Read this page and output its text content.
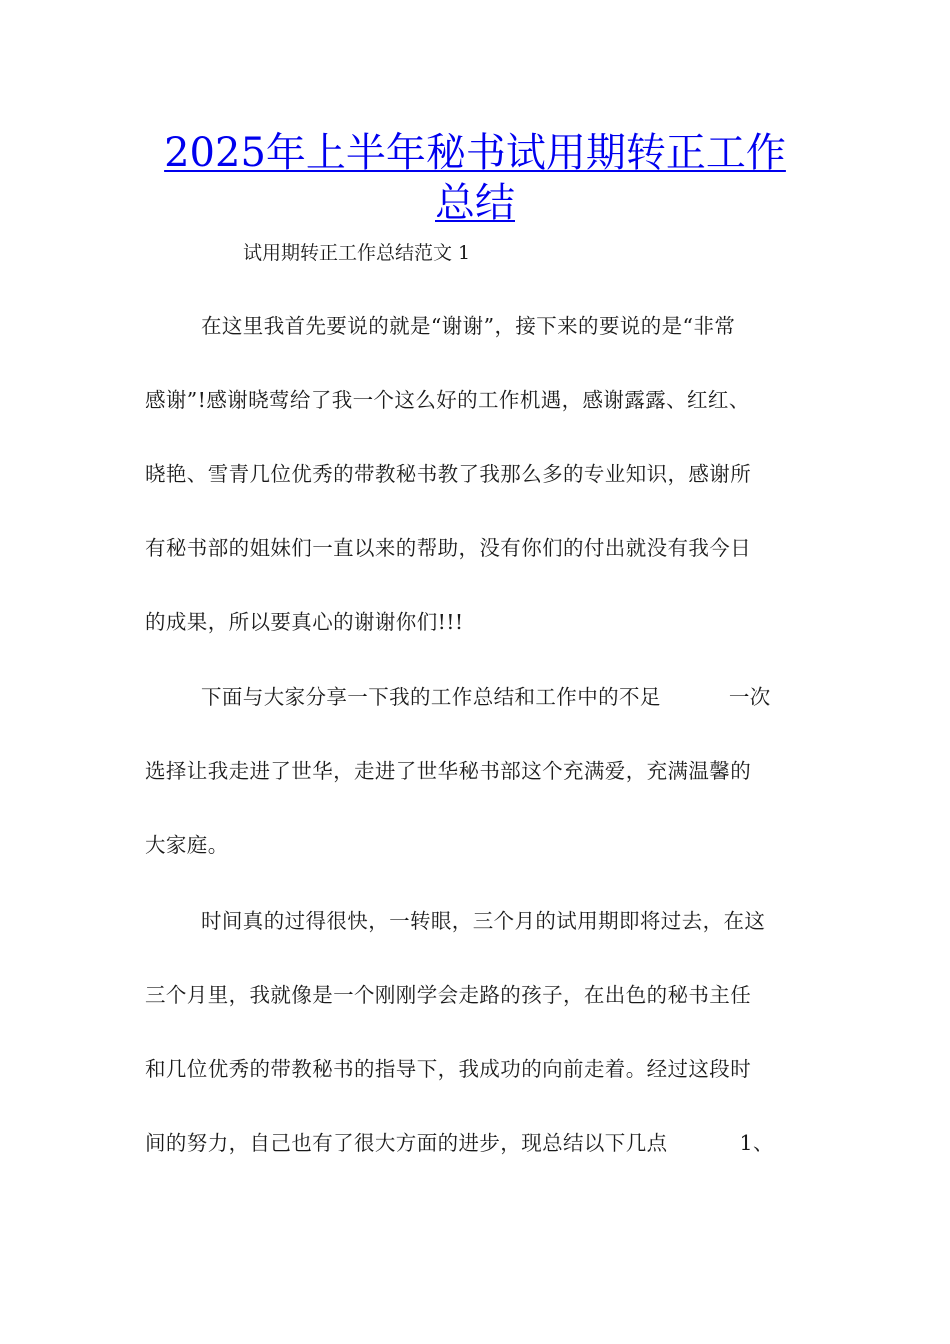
2025年上半年秘书试用期转正工作
总结

试用期转正工作总结范文 1

在这里我首先要说的就是“谢谢”，接下来的要说的是“非常
感谢”!感谢晓莺给了我一个这么好的工作机遇，感谢露露、红红、
晓艳、雪青几位优秀的带教秘书教了我那么多的专业知识，感谢所
有秘书部的姐妹们一直以来的帮助，没有你们的付出就没有我今日
的成果，所以要真心的谢谢你们!!!
下面与大家分享一下我的工作总结和工作中的不足	一次
选择让我走进了世华，走进了世华秘书部这个充满爱，充满温馨的
大家庭。
时间真的过得很快，一转眼，三个月的试用期即将过去，在这
三个月里，我就像是一个刚刚学会走路的孩子，在出色的秘书主任
和几位优秀的带教秘书的指导下，我成功的向前走着。经过这段时
间的努力，自己也有了很大方面的进步，现总结以下几点	1、
